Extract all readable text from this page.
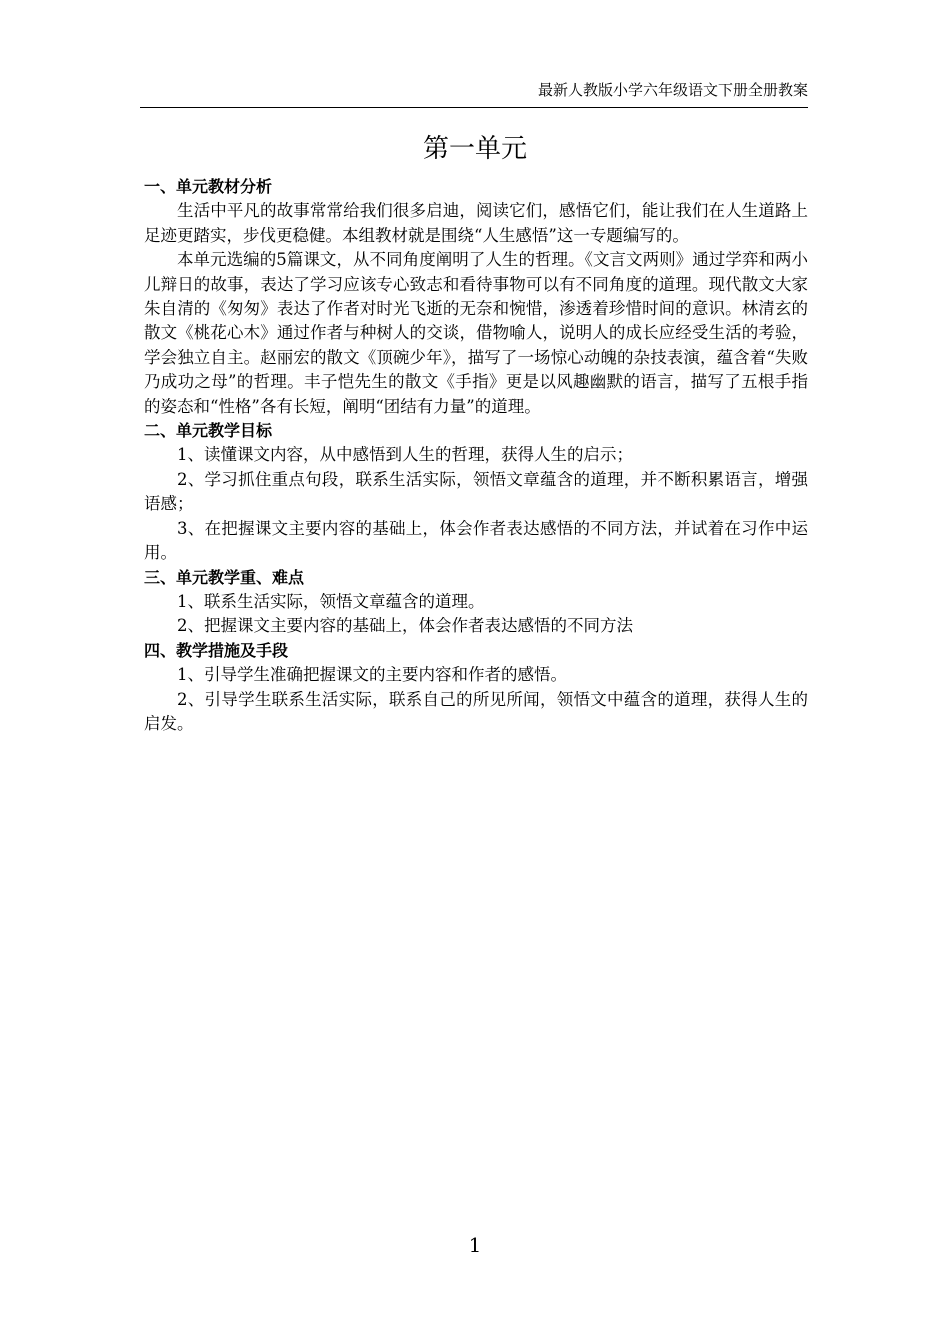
最新人教版小学六年级语文下册全册教案
第一单元

一、单元教材分析

生活中平凡的故事常常给我们很多启迪，阅读它们，感悟它们，能让我们在人生道路上足迹更踏实，步伐更稳健。本组教材就是围绕“人生感悟”这一专题编写的。

本单元选编的5篇课文，从不同角度阐明了人生的哲理。《文言文两则》通过学弈和两小儿辩日的故事，表达了学习应该专心致志和看待事物可以有不同角度的道理。现代散文大家朱自清的《匆匆》表达了作者对时光飞逝的无奈和惋惜，渗透着珍惜时间的意识。林清玄的散文《桃花心木》通过作者与种树人的交谈，借物喻人，说明人的成长应经受生活的考验，学会独立自主。赵丽宏的散文《顶碗少年》，描写了一场惊心动魄的杂技表演，蕴含着“失败乃成功之母”的哲理。丰子恺先生的散文《手指》更是以风趣幽默的语言，描写了五根手指的姿态和“性格”各有长短，阐明“团结有力量”的道理。

二、单元教学目标

1、读懂课文内容，从中感悟到人生的哲理，获得人生的启示；

2、学习抓住重点句段，联系生活实际，领悟文章蕴含的道理，并不断积累语言，增强语感；

3、在把握课文主要内容的基础上，体会作者表达感悟的不同方法，并试着在习作中运用。

三、单元教学重、难点

1、联系生活实际，领悟文章蕴含的道理。

2、把握课文主要内容的基础上，体会作者表达感悟的不同方法

四、教学措施及手段

1、引导学生准确把握课文的主要内容和作者的感悟。

2、引导学生联系生活实际，联系自己的所见所闻，领悟文中蕴含的道理，获得人生的启发。

1
